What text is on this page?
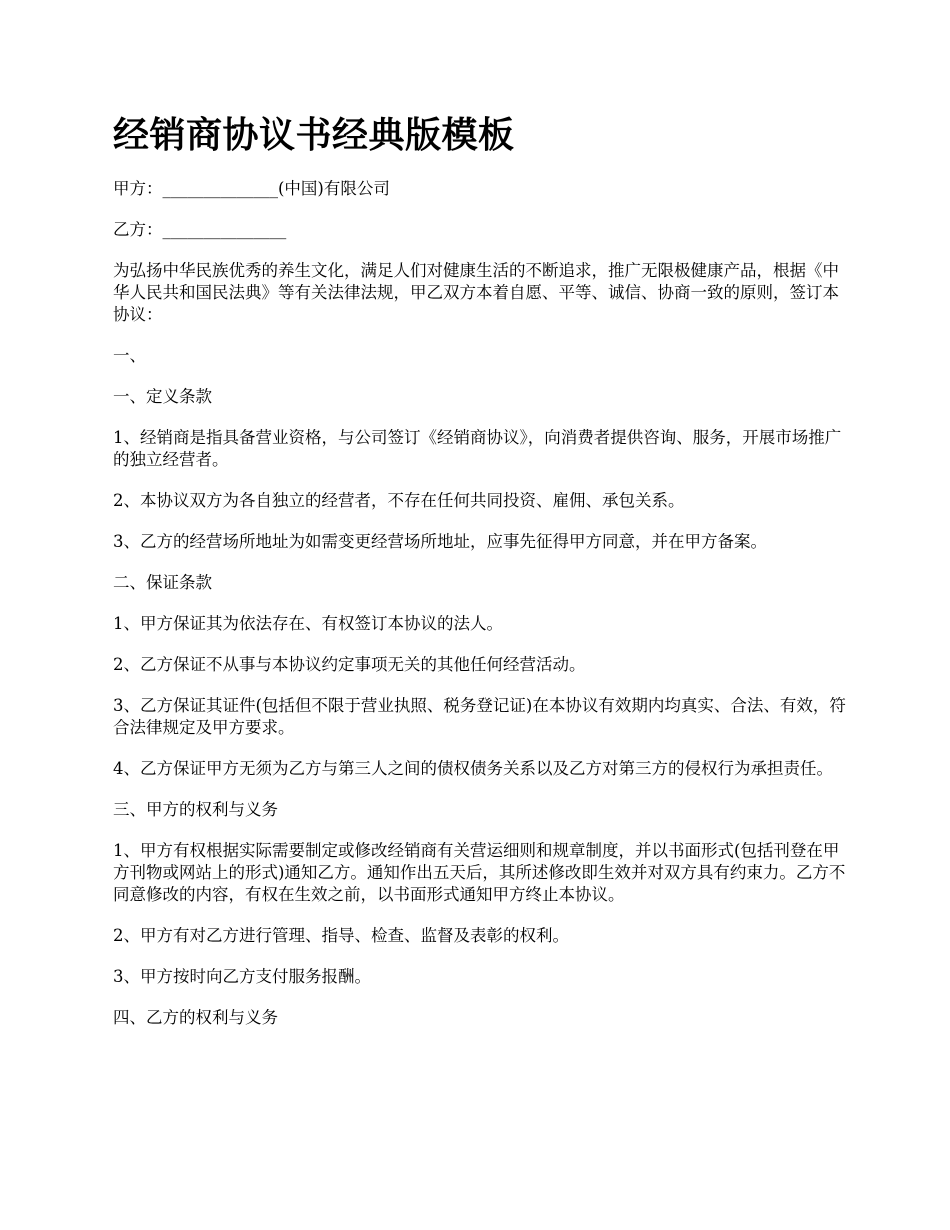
经销商协议书经典版模板

甲方：______________(中国)有限公司

乙方：_______________

为弘扬中华民族优秀的养生文化，满足人们对健康生活的不断追求，推广无限极健康产品，根据《中华人民共和国民法典》等有关法律法规，甲乙双方本着自愿、平等、诚信、协商一致的原则，签订本协议：

一、

一、定义条款

1、经销商是指具备营业资格，与公司签订《经销商协议》，向消费者提供咨询、服务，开展市场推广的独立经营者。

2、本协议双方为各自独立的经营者，不存在任何共同投资、雇佣、承包关系。

3、乙方的经营场所地址为如需变更经营场所地址，应事先征得甲方同意，并在甲方备案。

二、保证条款

1、甲方保证其为依法存在、有权签订本协议的法人。

2、乙方保证不从事与本协议约定事项无关的其他任何经营活动。

3、乙方保证其证件(包括但不限于营业执照、税务登记证)在本协议有效期内均真实、合法、有效，符合法律规定及甲方要求。

4、乙方保证甲方无须为乙方与第三人之间的债权债务关系以及乙方对第三方的侵权行为承担责任。

三、甲方的权利与义务

1、甲方有权根据实际需要制定或修改经销商有关营运细则和规章制度，并以书面形式(包括刊登在甲方刊物或网站上的形式)通知乙方。通知作出五天后，其所述修改即生效并对双方具有约束力。乙方不同意修改的内容，有权在生效之前，以书面形式通知甲方终止本协议。

2、甲方有对乙方进行管理、指导、检查、监督及表彰的权利。

3、甲方按时向乙方支付服务报酬。

四、乙方的权利与义务
